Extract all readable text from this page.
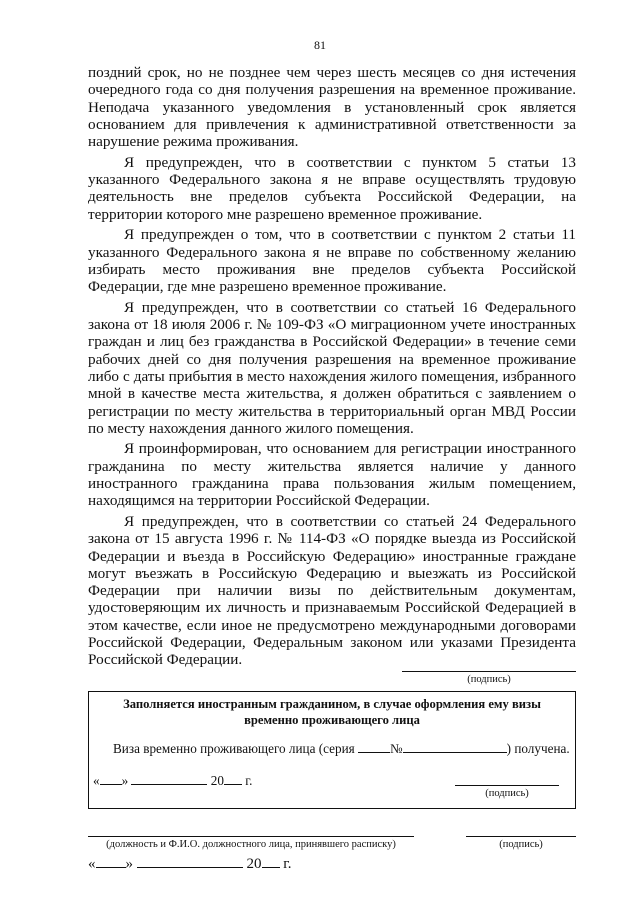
81

поздний срок, но не позднее чем через шесть месяцев со дня истечения очередного года со дня получения разрешения на временное проживание. Неподача указанного уведомления в установленный срок является основанием для привлечения к административной ответственности за нарушение режима проживания.

Я предупрежден, что в соответствии с пунктом 5 статьи 13 указанного Федерального закона я не вправе осуществлять трудовую деятельность вне пределов субъекта Российской Федерации, на территории которого мне разрешено временное проживание.

Я предупрежден о том, что в соответствии с пунктом 2 статьи 11 указанного Федерального закона я не вправе по собственному желанию избирать место проживания вне пределов субъекта Российской Федерации, где мне разрешено временное проживание.

Я предупрежден, что в соответствии со статьей 16 Федерального закона от 18 июля 2006 г. № 109-ФЗ «О миграционном учете иностранных граждан и лиц без гражданства в Российской Федерации» в течение семи рабочих дней со дня получения разрешения на временное проживание либо с даты прибытия в место нахождения жилого помещения, избранного мной в качестве места жительства, я должен обратиться с заявлением о регистрации по месту жительства в территориальный орган МВД России по месту нахождения данного жилого помещения.

Я проинформирован, что основанием для регистрации иностранного гражданина по месту жительства является наличие у данного иностранного гражданина права пользования жилым помещением, находящимся на территории Российской Федерации.

Я предупрежден, что в соответствии со статьей 24 Федерального закона от 15 августа 1996 г. № 114-ФЗ «О порядке выезда из Российской Федерации и въезда в Российскую Федерацию» иностранные граждане могут въезжать в Российскую Федерацию и выезжать из Российской Федерации при наличии визы по действительным документам, удостоверяющим их личность и признаваемым Российской Федерацией в этом качестве, если иное не предусмотрено международными договорами Российской Федерации, Федеральным законом или указами Президента Российской Федерации.

(подпись)
Заполняется иностранным гражданином, в случае оформления ему визы
временно проживающего лица
Виза временно проживающего лица (серия	№	) получена.
« »	20 г.
(подпись)
(должность и Ф.И.О. должностного лица, принявшего расписку)	(подпись)
« »	20 г.
